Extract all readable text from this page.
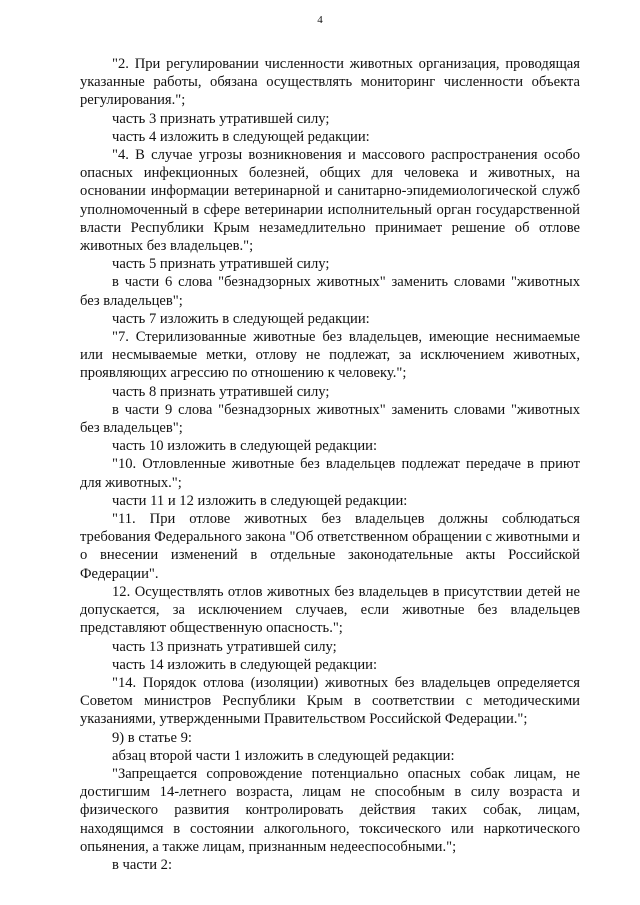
4

"2. При регулировании численности животных организация, проводящая указанные работы, обязана осуществлять мониторинг численности объекта регулирования.";

часть 3 признать утратившей силу;

часть 4 изложить в следующей редакции:

"4. В случае угрозы возникновения и массового распространения особо опасных инфекционных болезней, общих для человека и животных, на основании информации ветеринарной и санитарно-эпидемиологической служб уполномоченный в сфере ветеринарии исполнительный орган государственной власти Республики Крым незамедлительно принимает решение об отлове животных без владельцев.";

часть 5 признать утратившей силу;

в части 6 слова "безнадзорных животных" заменить словами "животных без владельцев";

часть 7 изложить в следующей редакции:

"7. Стерилизованные животные без владельцев, имеющие неснимаемые или несмываемые метки, отлову не подлежат, за исключением животных, проявляющих агрессию по отношению к человеку.";

часть 8 признать утратившей силу;

в части 9 слова "безнадзорных животных" заменить словами "животных без владельцев";

часть 10 изложить в следующей редакции:

"10. Отловленные животные без владельцев подлежат передаче в приют для животных.";

части 11 и 12 изложить в следующей редакции:

"11. При отлове животных без владельцев должны соблюдаться требования Федерального закона "Об ответственном обращении с животными и о внесении изменений в отдельные законодательные акты Российской Федерации".

12. Осуществлять отлов животных без владельцев в присутствии детей не допускается, за исключением случаев, если животные без владельцев представляют общественную опасность.";

часть 13 признать утратившей силу;

часть 14 изложить в следующей редакции:

"14. Порядок отлова (изоляции) животных без владельцев определяется Советом министров Республики Крым в соответствии с методическими указаниями, утвержденными Правительством Российской Федерации.";

9) в статье 9:

абзац второй части 1 изложить в следующей редакции:

"Запрещается сопровождение потенциально опасных собак лицам, не достигшим 14-летнего возраста, лицам не способным в силу возраста и физического развития контролировать действия таких собак, лицам, находящимся в состоянии алкогольного, токсического или наркотического опьянения, а также лицам, признанным недееспособными.";

в части 2:
